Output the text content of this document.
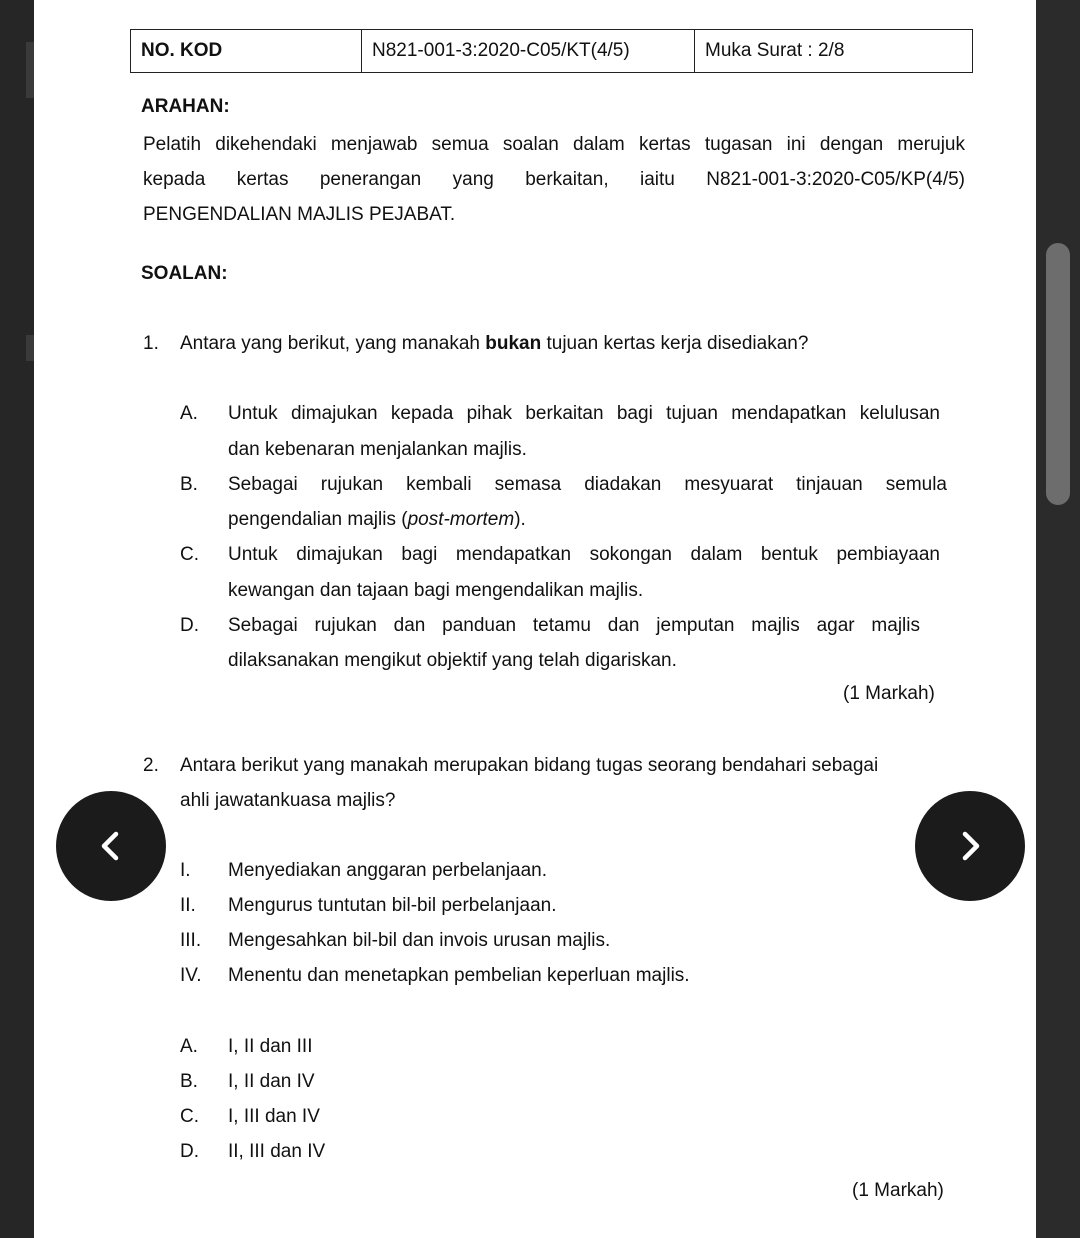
NO. KOD	N821-001-3:2020-C05/KT(4/5)	Muka Surat : 2/8
ARAHAN:
Pelatih dikehendaki menjawab semua soalan dalam kertas tugasan ini dengan merujuk
kepada kertas penerangan yang berkaitan, iaitu N821-001-3:2020-C05/KP(4/5)
PENGENDALIAN MAJLIS PEJABAT.
SOALAN:
1. Antara yang berikut, yang manakah bukan tujuan kertas kerja disediakan?
A. Untuk dimajukan kepada pihak berkaitan bagi tujuan mendapatkan kelulusan
dan kebenaran menjalankan majlis.
B. Sebagai rujukan kembali semasa diadakan mesyuarat tinjauan semula
pengendalian majlis (post-mortem).
C. Untuk dimajukan bagi mendapatkan sokongan dalam bentuk pembiayaan
kewangan dan tajaan bagi mengendalikan majlis.
D. Sebagai rujukan dan panduan tetamu dan jemputan majlis agar majlis
dilaksanakan mengikut objektif yang telah digariskan.
(1 Markah)
2. Antara berikut yang manakah merupakan bidang tugas seorang bendahari sebagai
ahli jawatankuasa majlis?
I. Menyediakan anggaran perbelanjaan.
II. Mengurus tuntutan bil-bil perbelanjaan.
III. Mengesahkan bil-bil dan invois urusan majlis.
IV. Menentu dan menetapkan pembelian keperluan majlis.
A. I, II dan III
B. I, II dan IV
C. I, III dan IV
D. II, III dan IV
(1 Markah)
